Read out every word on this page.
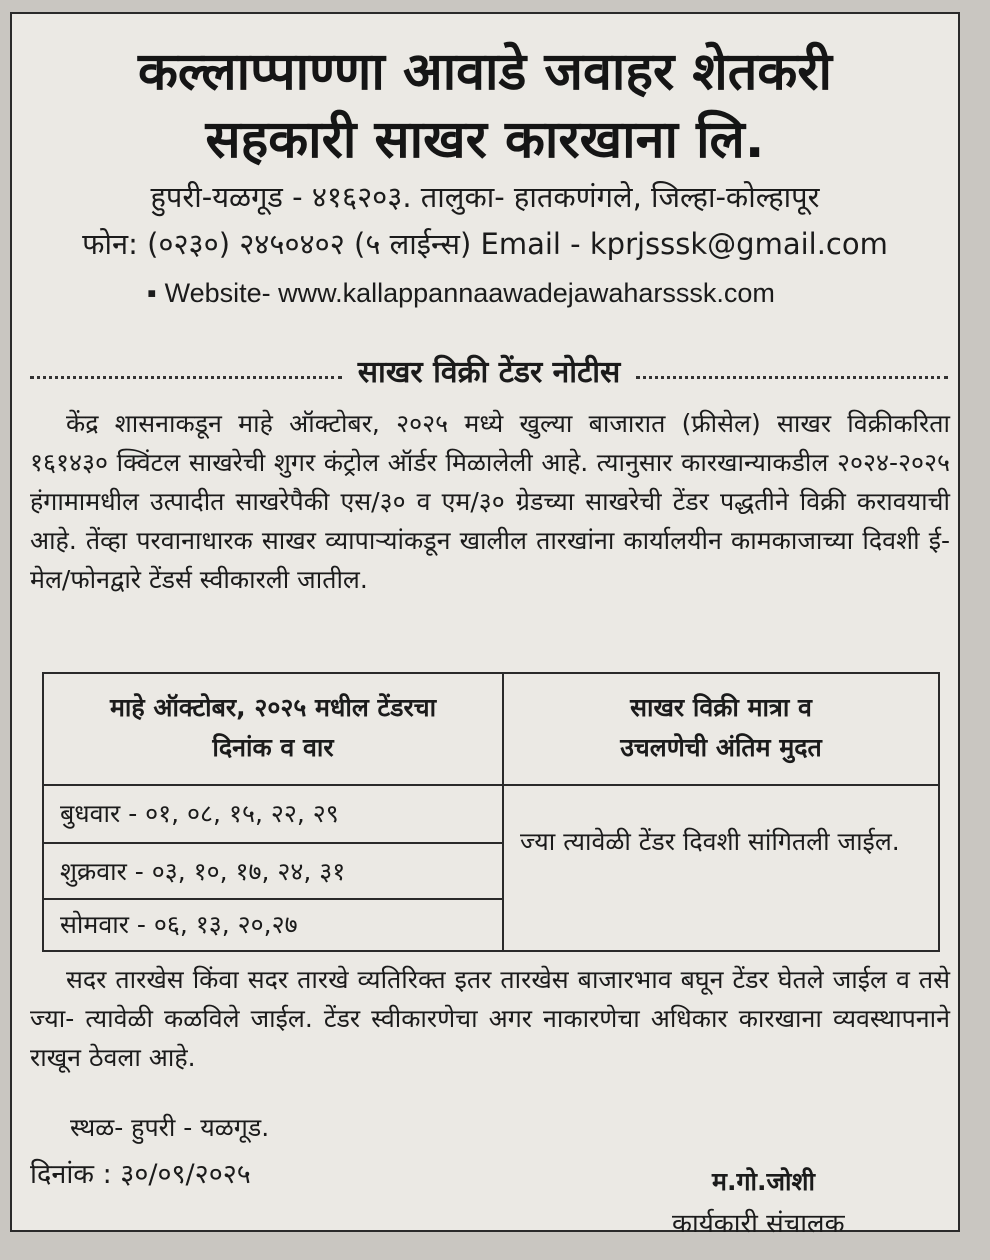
कल्लाप्पाण्णा आवाडे जवाहर शेतकरी
सहकारी साखर कारखाना लि.
हुपरी-यळगूड - ४१६२०३. तालुका- हातकणंगले, जिल्हा-कोल्हापूर
फोन: (०२३०) २४५०४०२ (५ लाईन्स) Email - kprjsssk@gmail.com
▪ Website- www.kallappannaawadejawaharsssk.com
साखर विक्री टेंडर नोटीस
केंद्र शासनाकडून माहे ऑक्टोबर, २०२५ मध्ये खुल्या बाजारात (फ्रीसेल) साखर विक्रीकरिता १६१४३० क्विंटल साखरेची शुगर कंट्रोल ऑर्डर मिळालेली आहे. त्यानुसार कारखान्याकडील २०२४-२०२५ हंगामामधील उत्पादीत साखरेपैकी एस/३० व एम/३० ग्रेडच्या साखरेची टेंडर पद्धतीने विक्री करावयाची आहे. तेंव्हा परवानाधारक साखर व्यापाऱ्यांकडून खालील तारखांना कार्यालयीन कामकाजाच्या दिवशी ई-मेल/फोनद्वारे टेंडर्स स्वीकारली जातील.
माहे ऑक्टोबर, २०२५ मधील टेंडरचा
दिनांक व वार
साखर विक्री मात्रा व
उचलणेची अंतिम मुदत
बुधवार - ०१, ०८, १५, २२, २९
शुक्रवार - ०३, १०, १७, २४, ३१
सोमवार - ०६, १३, २०,२७
ज्या त्यावेळी टेंडर दिवशी सांगितली जाईल.
सदर तारखेस किंवा सदर तारखे व्यतिरिक्त इतर तारखेस बाजारभाव बघून टेंडर घेतले जाईल व तसे ज्या- त्यावेळी कळविले जाईल. टेंडर स्वीकारणेचा अगर नाकारणेचा अधिकार कारखाना व्यवस्थापनाने राखून ठेवला आहे.
स्थळ- हुपरी - यळगूड.
दिनांक : ३०/०९/२०२५	म.गो.जोशी
कार्यकारी संचालक
